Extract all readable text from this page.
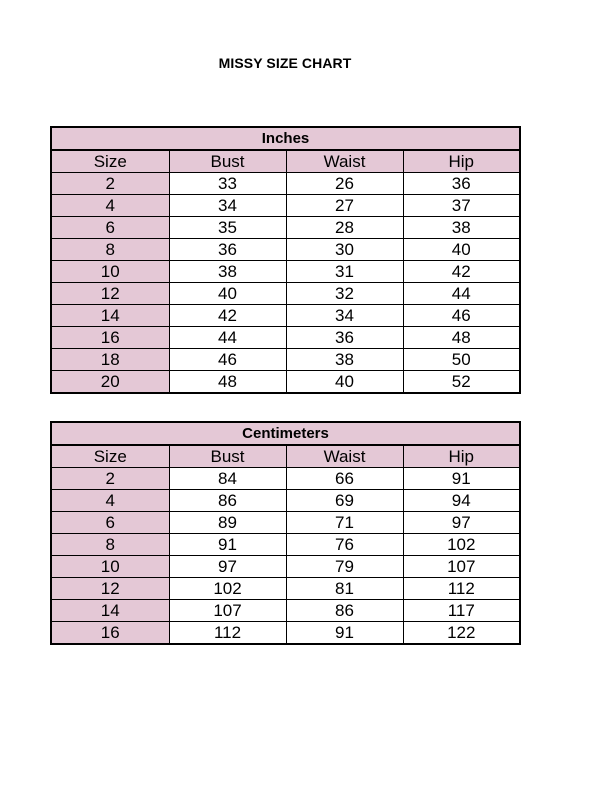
MISSY SIZE CHART
Inches			
Size	Bust	Waist	Hip
2	33	26	36
4	34	27	37
6	35	28	38
8	36	30	40
10	38	31	42
12	40	32	44
14	42	34	46
16	44	36	48
18	46	38	50
20	48	40	52
Centimeters			
Size	Bust	Waist	Hip
2	84	66	91
4	86	69	94
6	89	71	97
8	91	76	102
10	97	79	107
12	102	81	112
14	107	86	117
16	112	91	122
